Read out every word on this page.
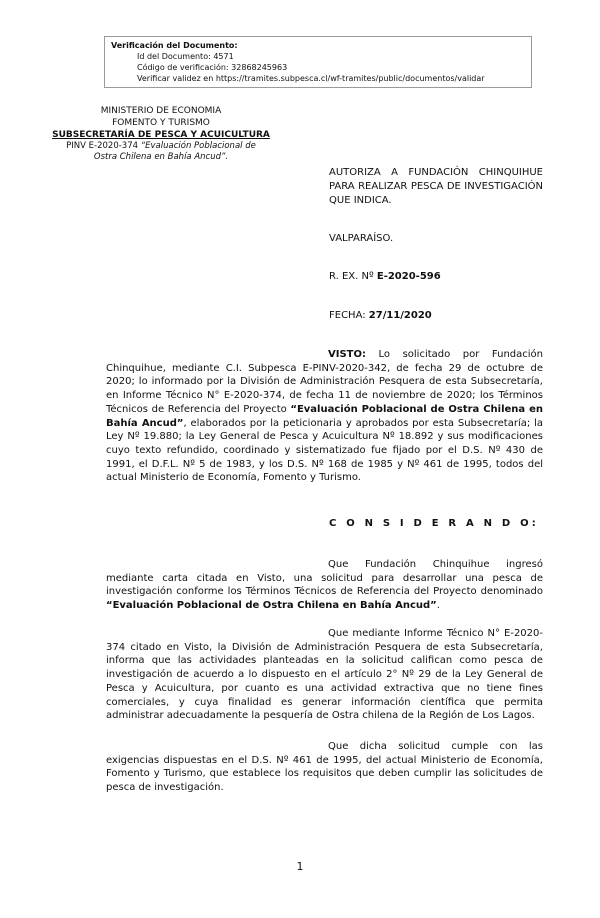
Verificación del Documento:
• Id del Documento: 4571
• Código de verificación: 32868245963
• Verificar validez en https://tramites.subpesca.cl/wf-tramites/public/documentos/validar
MINISTERIO DE ECONOMIA
FOMENTO Y TURISMO
SUBSECRETARÍA DE PESCA Y ACUICULTURA
PINV E-2020-374 “Evaluación Poblacional de
Ostra Chilena en Bahía Ancud”.
AUTORIZA A FUNDACIÓN CHINQUIHUE PARA REALIZAR PESCA DE INVESTIGACIÓN QUE INDICA.
VALPARAÍSO.
R. EX. Nº E-2020-596
FECHA: 27/11/2020
VISTO: Lo solicitado por Fundación Chinquihue, mediante C.I. Subpesca E-PINV-2020-342, de fecha 29 de octubre de 2020; lo informado por la División de Administración Pesquera de esta Subsecretaría, en Informe Técnico N° E-2020-374, de fecha 11 de noviembre de 2020; los Términos Técnicos de Referencia del Proyecto “Evaluación Poblacional de Ostra Chilena en Bahía Ancud”, elaborados por la peticionaria y aprobados por esta Subsecretaría; la Ley Nº 19.880; la Ley General de Pesca y Acuicultura Nº 18.892 y sus modificaciones cuyo texto refundido, coordinado y sistematizado fue fijado por el D.S. Nº 430 de 1991, el D.F.L. Nº 5 de 1983, y los D.S. Nº 168 de 1985 y Nº 461 de 1995, todos del actual Ministerio de Economía, Fomento y Turismo.
C O N S I D E R A N D O:
Que Fundación Chinquihue ingresó mediante carta citada en Visto, una solicitud para desarrollar una pesca de investigación conforme los Términos Técnicos de Referencia del Proyecto denominado “Evaluación Poblacional de Ostra Chilena en Bahía Ancud”.
Que mediante Informe Técnico N° E-2020-374 citado en Visto, la División de Administración Pesquera de esta Subsecretaría, informa que las actividades planteadas en la solicitud califican como pesca de investigación de acuerdo a lo dispuesto en el artículo 2° Nº 29 de la Ley General de Pesca y Acuicultura, por cuanto es una actividad extractiva que no tiene fines comerciales, y cuya finalidad es generar información científica que permita administrar adecuadamente la pesquería de Ostra chilena de la Región de Los Lagos.
Que dicha solicitud cumple con las exigencias dispuestas en el D.S. Nº 461 de 1995, del actual Ministerio de Economía, Fomento y Turismo, que establece los requisitos que deben cumplir las solicitudes de pesca de investigación.
1
